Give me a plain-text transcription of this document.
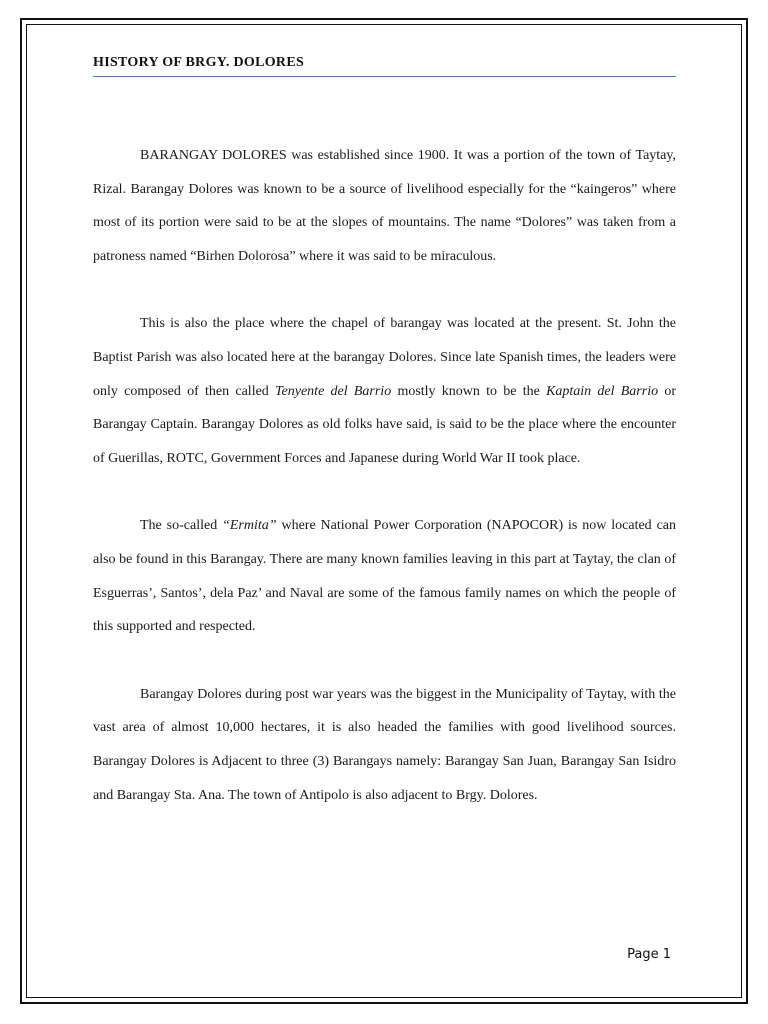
HISTORY OF BRGY. DOLORES

BARANGAY DOLORES was established since 1900. It was a portion of the town of Taytay, Rizal. Barangay Dolores was known to be a source of livelihood especially for the “kaingeros” where most of its portion were said to be at the slopes of mountains. The name “Dolores” was taken from a patroness named “Birhen Dolorosa” where it was said to be miraculous.

This is also the place where the chapel of barangay was located at the present. St. John the Baptist Parish was also located here at the barangay Dolores. Since late Spanish times, the leaders were only composed of then called Tenyente del Barrio mostly known to be the Kaptain del Barrio or Barangay Captain. Barangay Dolores as old folks have said, is said to be the place where the encounter of Guerillas, ROTC, Government Forces and Japanese during World War II took place.

The so-called “Ermita” where National Power Corporation (NAPOCOR) is now located can also be found in this Barangay. There are many known families leaving in this part at Taytay, the clan of Esguerras’, Santos’, dela Paz’ and Naval are some of the famous family names on which the people of this supported and respected.

Barangay Dolores during post war years was the biggest in the Municipality of Taytay, with the vast area of almost 10,000 hectares, it is also headed the families with good livelihood sources. Barangay Dolores is Adjacent to three (3) Barangays namely: Barangay San Juan, Barangay San Isidro and Barangay Sta. Ana. The town of Antipolo is also adjacent to Brgy. Dolores.

Page 1
